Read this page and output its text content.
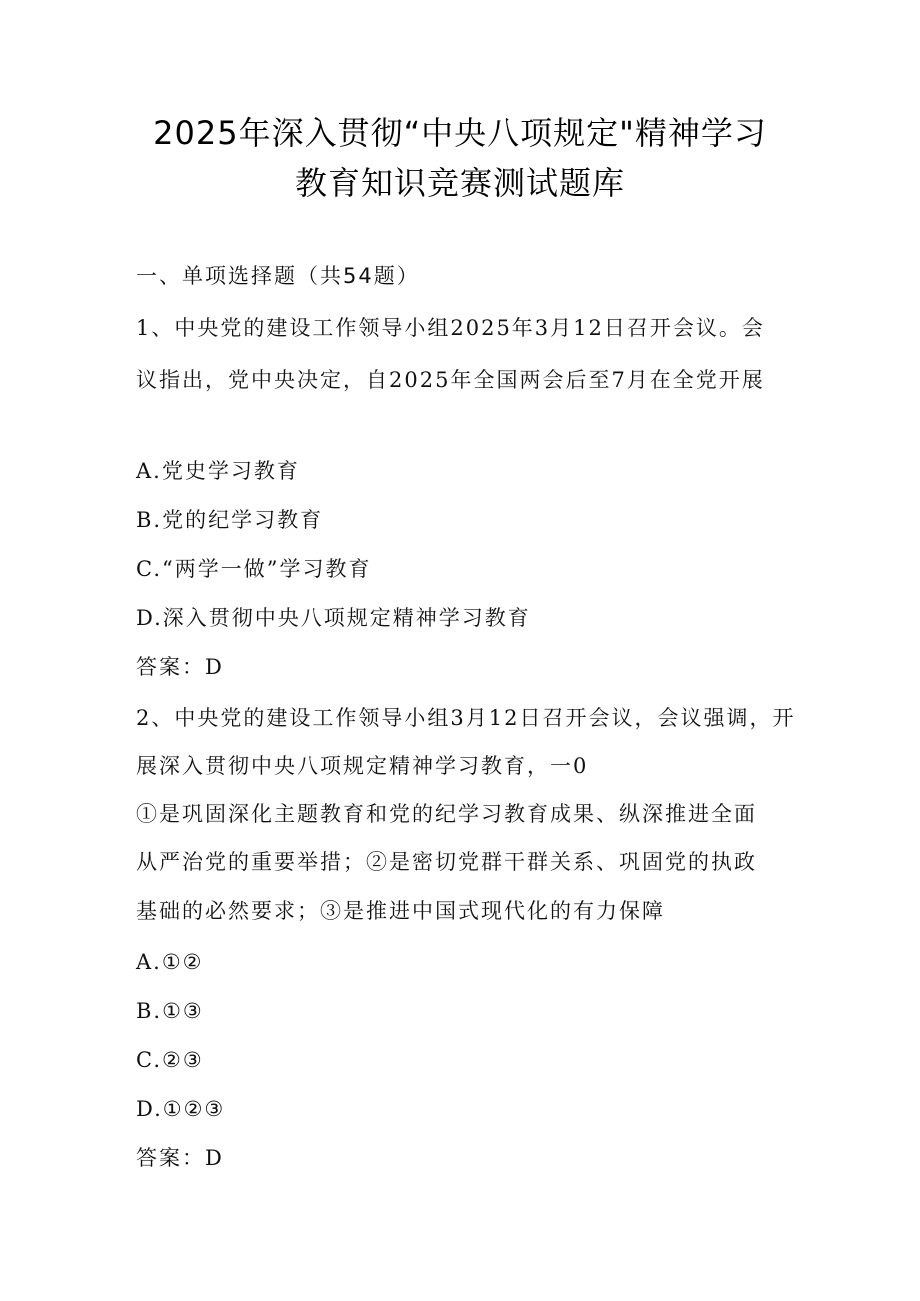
2025年深入贯彻“中央八项规定"精神学习
教育知识竞赛测试题库
一、单项选择题（共54题）
1、中央党的建设工作领导小组2025年3月12日召开会议。会
议指出，党中央决定，自2025年全国两会后至7月在全党开展
A.党史学习教育
B.党的纪学习教育
C.“两学一做”学习教育
D.深入贯彻中央八项规定精神学习教育
答案：D
2、中央党的建设工作领导小组3月12日召开会议，会议强调，开
展深入贯彻中央八项规定精神学习教育，一0
①是巩固深化主题教育和党的纪学习教育成果、纵深推进全面
从严治党的重要举措；②是密切党群干群关系、巩固党的执政
基础的必然要求；③是推进中国式现代化的有力保障
A.①②
B.①③
C.②③
D.①②③
答案：D
